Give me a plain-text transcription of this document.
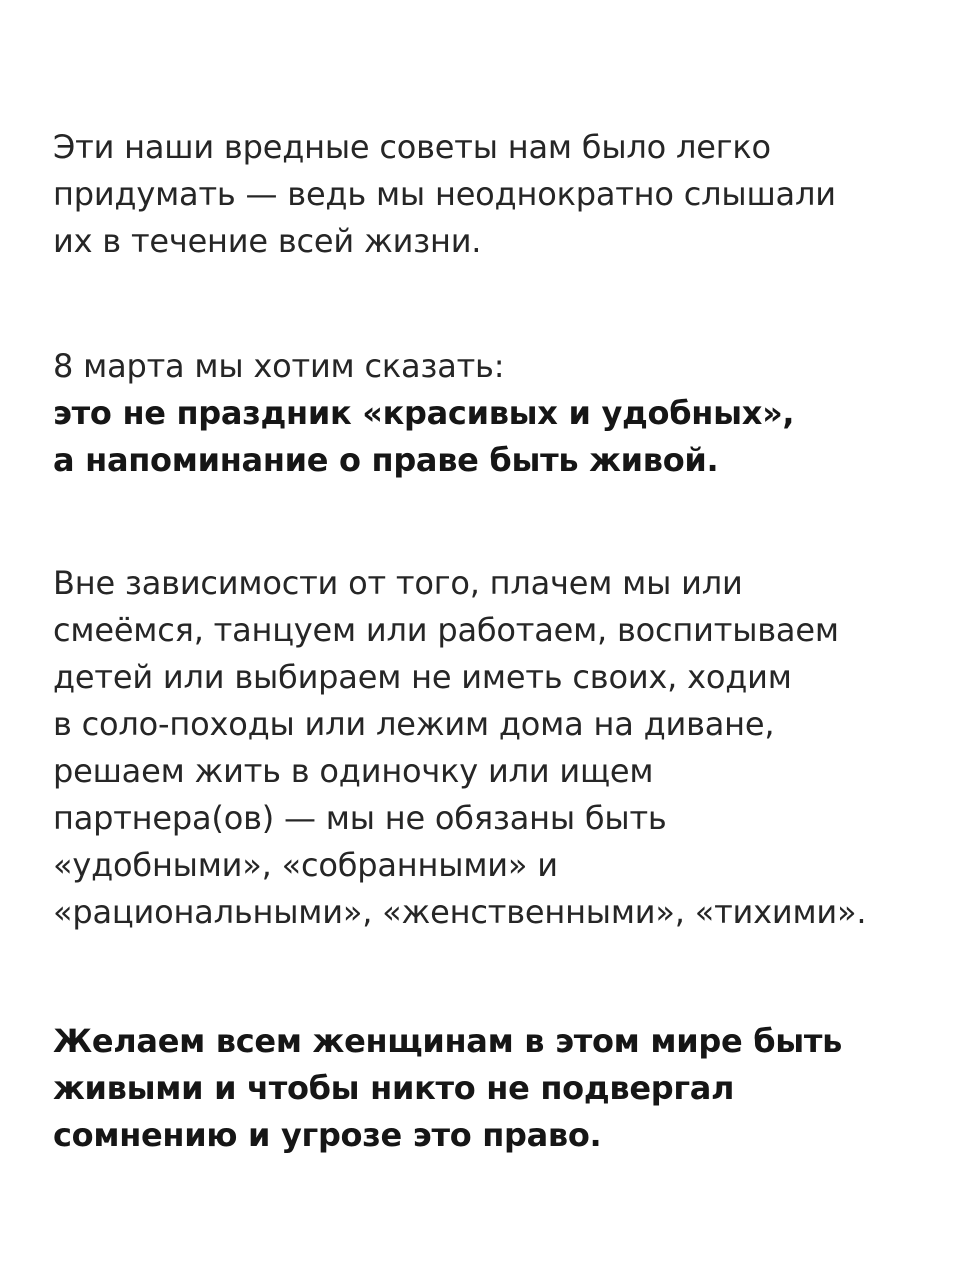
Эти наши вредные советы нам было легко
придумать — ведь мы неоднократно слышали
их в течение всей жизни.

8 марта мы хотим сказать:
это не праздник «красивых и удобных»,
а напоминание о праве быть живой.

Вне зависимости от того, плачем мы или
смеёмся, танцуем или работаем, воспитываем
детей или выбираем не иметь своих, ходим
в соло-походы или лежим дома на диване,
решаем жить в одиночку или ищем
партнера(ов) — мы не обязаны быть
«удобными», «собранными» и
«рациональными», «женственными», «тихими».

Желаем всем женщинам в этом мире быть
живыми и чтобы никто не подвергал
сомнению и угрозе это право.
